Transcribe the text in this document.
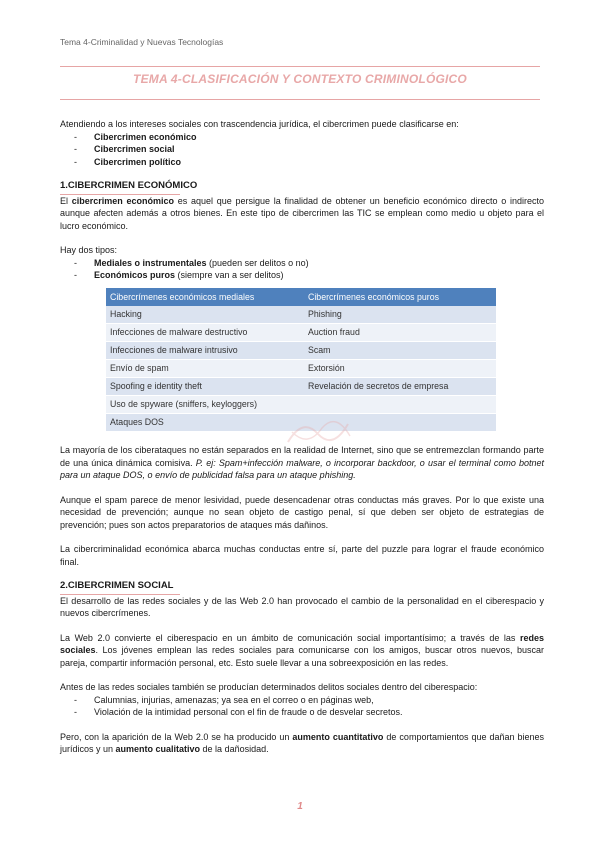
Tema 4-Criminalidad y Nuevas Tecnologías
TEMA 4-CLASIFICACIÓN Y CONTEXTO CRIMINOLÓGICO

Atendiendo a los intereses sociales con trascendencia jurídica, el cibercrimen puede clasificarse en:

- Cibercrimen económico
- Cibercrimen social
- Cibercrimen político
1.CIBERCRIMEN ECONÓMICO

El cibercrimen económico es aquel que persigue la finalidad de obtener un beneficio económico directo o indirecto aunque afecten además a otros bienes. En este tipo de cibercrimen las TIC se emplean como medio u objeto para el lucro económico.

Hay dos tipos:

- Mediales o instrumentales (pueden ser delitos o no)
- Económicos puros (siempre van a ser delitos)
Cibercrímenes económicos mediales	Cibercrímenes económicos puros
Hacking	Phishing
Infecciones de malware destructivo	Auction fraud
Infecciones de malware intrusivo	Scam
Envío de spam	Extorsión
Spoofing e identity theft	Revelación de secretos de empresa
Uso de spyware (sniffers, keyloggers)	
Ataques DOS	

La mayoría de los ciberataques no están separados en la realidad de Internet, sino que se entremezclan formando parte de una única dinámica comisiva. P. ej: Spam+infección malware, o incorporar backdoor, o usar el terminal como botnet para un ataque DOS, o envío de publicidad falsa para un ataque phishing.

Aunque el spam parece de menor lesividad, puede desencadenar otras conductas más graves. Por lo que existe una necesidad de prevención; aunque no sean objeto de castigo penal, sí que deben ser objeto de estrategias de prevención; pues son actos preparatorios de ataques más dañinos.

La cibercriminalidad económica abarca muchas conductas entre sí, parte del puzzle para lograr el fraude económico final.

2.CIBERCRIMEN SOCIAL

El desarrollo de las redes sociales y de las Web 2.0 han provocado el cambio de la personalidad en el ciberespacio y nuevos cibercrímenes.

La Web 2.0 convierte el ciberespacio en un ámbito de comunicación social importantísimo; a través de las redes sociales. Los jóvenes emplean las redes sociales para comunicarse con los amigos, buscar otros nuevos, buscar pareja, compartir información personal, etc. Esto suele llevar a una sobreexposición en las redes.

Antes de las redes sociales también se producían determinados delitos sociales dentro del ciberespacio:

- Calumnias, injurias, amenazas; ya sea en el correo o en páginas web,
- Violación de la intimidad personal con el fin de fraude o de desvelar secretos.

Pero, con la aparición de la Web 2.0 se ha producido un aumento cuantitativo de comportamientos que dañan bienes jurídicos y un aumento cualitativo de la dañosidad.

1
